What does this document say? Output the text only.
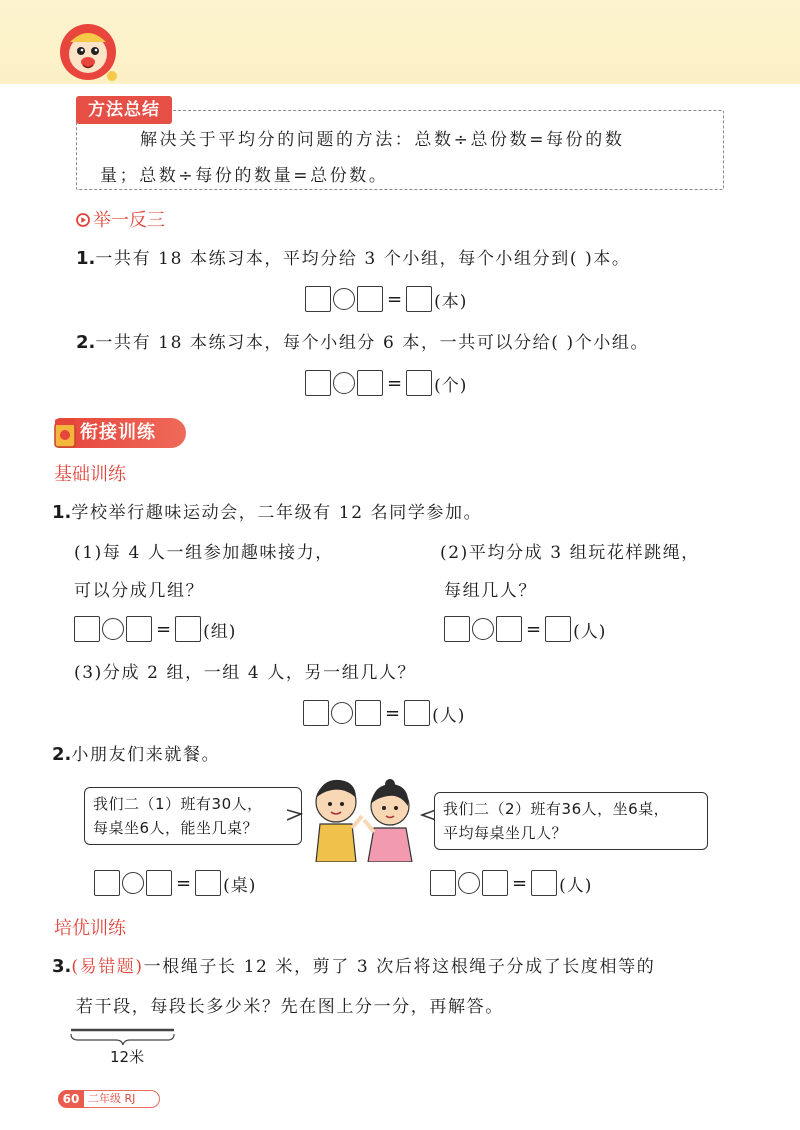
方法总结
解决关于平均分的问题的方法：总数÷总份数=每份的数
量；总数÷每份的数量=总份数。
举一反三
1.一共有 18 本练习本，平均分给 3 个小组，每个小组分到( )本。
= (本)
2.一共有 18 本练习本，每个小组分 6 本，一共可以分给( )个小组。
= (个)
衔接训练
基础训练
1.学校举行趣味运动会，二年级有 12 名同学参加。
(1)每 4 人一组参加趣味接力，
可以分成几组？
(2)平均分成 3 组玩花样跳绳，
每组几人？
= (组)	= (人)
(3)分成 2 组，一组 4 人，另一组几人？
= (人)
2.小朋友们来就餐。
我们二（1）班有30人，
每桌坐6人，能坐几桌？
我们二（2）班有36人，坐6桌，
平均每桌坐几人？
= (桌)	= (人)
培优训练
3.(易错题)一根绳子长 12 米，剪了 3 次后将这根绳子分成了长度相等的
若干段，每段长多少米？先在图上分一分，再解答。
12米
60 二年级 RJ
